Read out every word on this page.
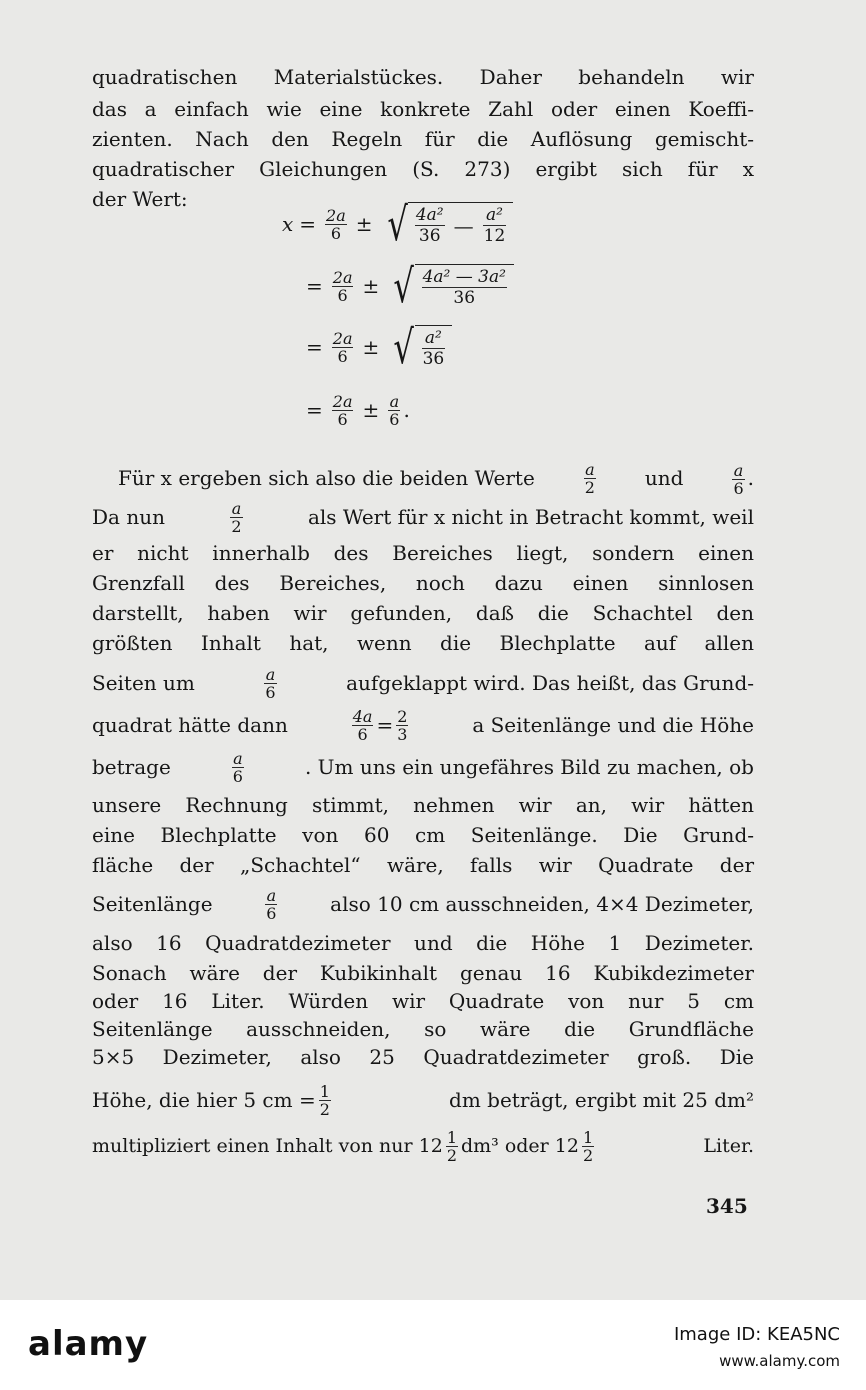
quadratischen Materialstückes. Daher behandeln wir
das a einfach wie eine konkrete Zahl oder einen Koeffi-
zienten. Nach den Regeln für die Auflösung gemischt-
quadratischer Gleichungen (S. 273) ergibt sich für x
der Wert:
$x = \frac{2a}{6}$ ± √ $\frac{\text{4a²}}{36}$ — $\frac{\text{a²}}{12}$
= $\frac{2a}{6}$ ± √ $\frac{\text{4a² — 3a²}}{36}$
= $\frac{2a}{6}$ ± √ $\frac{\text{a²}}{36}$
= $\frac{2a}{6} \pm \frac{a}{6}$ .
Für x ergeben sich also die beiden Werte	$\frac{a}{2}$ und	$\frac{a}{6}$ .
Da nun	$\frac{a}{2}$	als Wert für x nicht in Betracht kommt, weil
er nicht innerhalb des Bereiches liegt, sondern einen
Grenzfall des Bereiches, noch dazu einen sinnlosen
darstellt, haben wir gefunden, daß die Schachtel den
größten Inhalt hat, wenn die Blechplatte auf allen
Seiten um	$\frac{a}{6}$	aufgeklappt wird. Das heißt, das Grund-
quadrat hätte dann	$\frac{4a}{6} = \frac{2}{3}$	a Seitenlänge und die Höhe
betrage	$\frac{a}{6}$	. Um uns ein ungefähres Bild zu machen, ob
unsere Rechnung stimmt, nehmen wir an, wir hätten
eine Blechplatte von 60 cm Seitenlänge. Die Grund-
fläche der „Schachtel“ wäre, falls wir Quadrate der
Seitenlänge	$\frac{a}{6}$	also 10 cm ausschneiden, 4×4 Dezimeter,
also 16 Quadratdezimeter und die Höhe 1 Dezimeter.
Sonach wäre der Kubikinhalt genau 16 Kubikdezimeter
oder 16 Liter. Würden wir Quadrate von nur 5 cm
Seitenlänge ausschneiden, so wäre die Grundfläche
5×5 Dezimeter, also 25 Quadratdezimeter groß. Die
Höhe, die hier 5 cm = $\frac{1}{2}$	dm beträgt, ergibt mit 25 dm²
multipliziert einen Inhalt von nur $12 \frac{1}{2} dm^3$ oder $12 \frac{1}{2}$	Liter.
345
alamy	Image ID: KEA5NC
www.alamy.com
